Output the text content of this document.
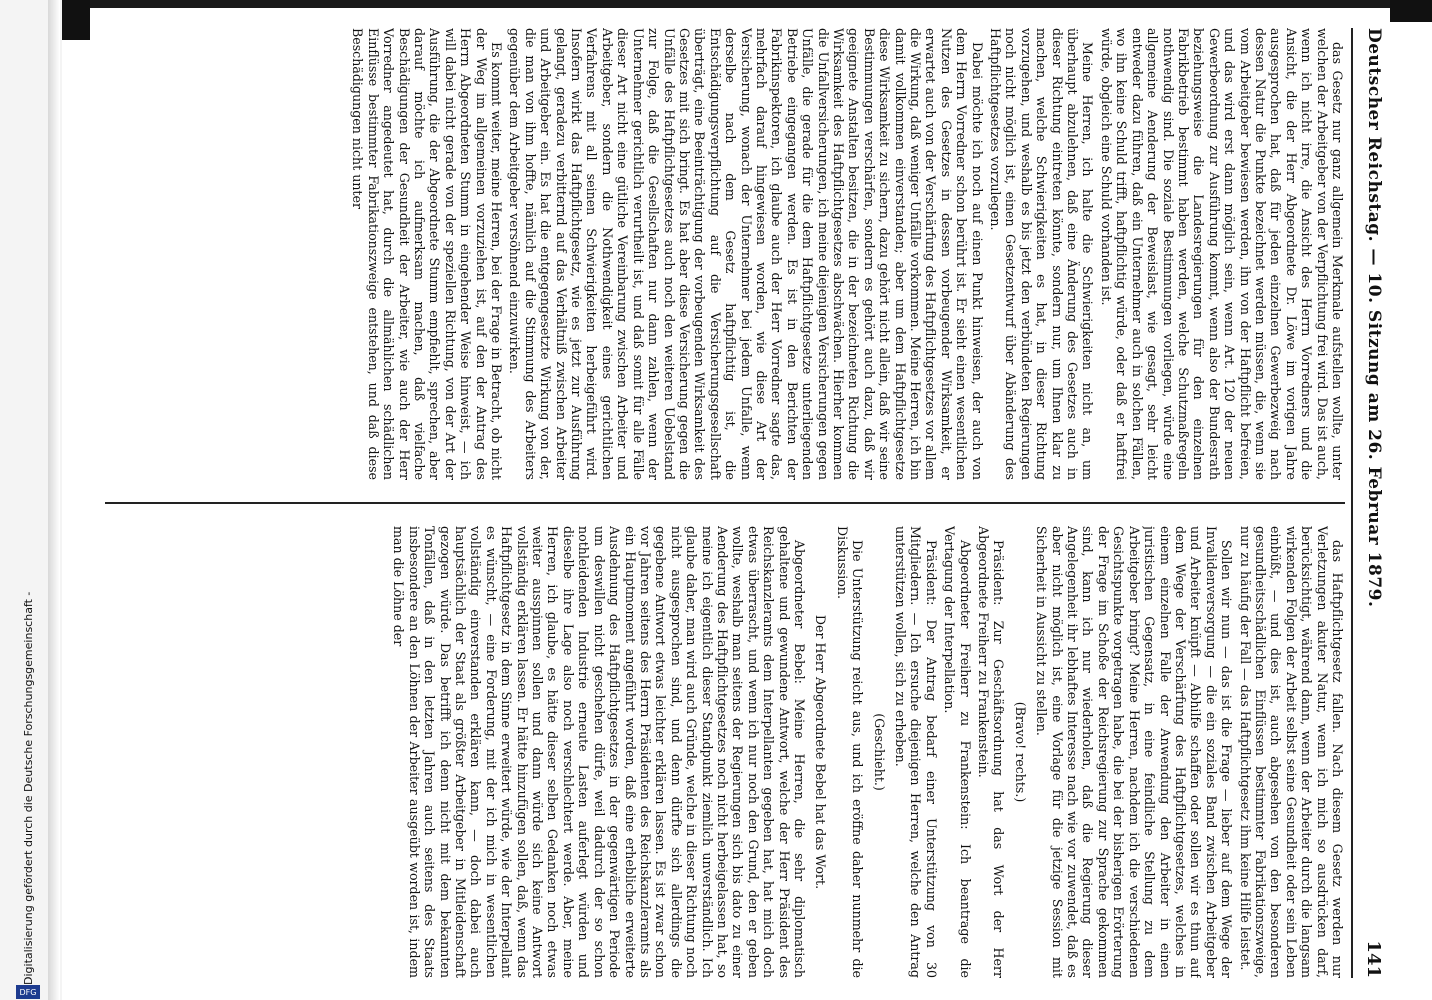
Digitalisierung gefördert durch die Deutsche Forschungsgemeinschaft -
DFG
Deutscher Reichstag. — 10. Sitzung am 26. Februar 1879.
141

das Gesetz nur ganz allgemein Merkmale aufstellen wollte, unter welchen der Arbeitgeber von der Verpflichtung frei wird. Das ist auch, wenn ich nicht irre, die Ansicht des Herrn Vorredners und die Ansicht, die der Herr Abgeordnete Dr. Löwe im vorigen Jahre ausgesprochen hat, daß für jeden einzelnen Gewerbezweig nach dessen Natur die Punkte bezeichnet werden müssen, die, wenn sie vom Arbeitgeber bewiesen werden, ihn von der Haftpflicht befreien, und das wird erst dann möglich sein, wenn Art. 120 der neuen Gewerbeordnung zur Ausführung kommt, wenn also der Bundesrath beziehungsweise die Landesregierungen für den einzelnen Fabrikbetrieb bestimmt haben werden, welche Schutzmaßregeln nothwendig sind. Die soziale Bestimmungen vorliegen, würde eine allgemeine Aenderung der Beweislast, wie gesagt, sehr leicht entweder dazu führen, daß ein Unternehmer auch in solchen Fällen, wo ihn keine Schuld trifft, haftpflichtig würde, oder daß er haftfrei würde, obgleich eine Schuld vorhanden ist.

Meine Herren, ich halte die Schwierigkeiten nicht an, um überhaupt abzulehnen, daß eine Änderung des Gesetzes auch in dieser Richtung eintreten könnte, sondern nur, um Ihnen klar zu machen, welche Schwierigkeiten es hat, in dieser Richtung vorzugehen, und weshalb es bis jetzt den verbündeten Regierungen noch nicht möglich ist, einen Gesetzentwurf über Abänderung des Haftpflichtgesetzes vorzulegen.

Dabei möchte ich noch auf einen Punkt hinweisen, der auch von dem Herrn Vorredner schon berührt ist. Er sieht einen wesentlichen Nutzen des Gesetzes in dessen vorbeugender Wirksamkeit, er erwartet auch von der Verschärfung des Haftpflichtgesetzes vor allem die Wirkung, daß weniger Unfälle vorkommen. Meine Herren, ich bin damit vollkommen einverstanden; aber um dem Haftpflichtgesetze diese Wirksamkeit zu sichern, dazu gehört nicht allein, daß wir seine Bestimmungen verschärfen, sondern es gehört auch dazu, daß wir geeignete Anstalten besitzen, die in der bezeichneten Richtung die Wirksamkeit des Haftpflichtgesetzes abschwächen. Hierher kommen die Unfallversicherungen, ich meine diejenigen Versicherungen gegen Unfälle, die gerade für die dem Haftpflichtgesetze unterliegenden Betriebe eingegangen werden. Es ist in den Berichten der Fabrikinspektoren, ich glaube auch der Herr Vorredner sagte das, mehrfach darauf hingewiesen worden, wie diese Art der Versicherung, wonach der Unternehmer bei jedem Unfalle, wenn derselbe nach dem Gesetz haftpflichtig ist, die Entschädigungsverpflichtung auf die Versicherungsgesellschaft überträgt, eine Beeinträchtigung der vorbeugenden Wirksamkeit des Gesetzes mit sich bringt. Es hat aber diese Versicherung gegen die Unfälle des Haftpflichtgesetzes auch noch den weiteren Uebelstand zur Folge, daß die Gesellschaften nur dann zahlen, wenn der Unternehmer gerichtlich verurtheilt ist, und daß somit für alle Fälle dieser Art nicht eine gütliche Vereinbarung zwischen Arbeiter und Arbeitgeber, sondern die Nothwendigkeit eines gerichtlichen Verfahrens mit all seinen Schwierigkeiten herbeigeführt wird. Insofern wirkt das Haftpflichtgesetz, wie es jetzt zur Ausführung gelangt, geradezu verbitternd auf das Verhältniß zwischen Arbeiter und Arbeitgeber ein. Es hat die entgegengesetzte Wirkung von der, die man von ihm hoffte, nämlich auf die Stimmung des Arbeiters gegenüber dem Arbeitgeber versöhnend einzuwirken.

Es kommt weiter, meine Herren, bei der Frage in Betracht, ob nicht der Weg im allgemeinen vorzuziehen ist, auf den der Antrag des Herrn Abgeordneten Stumm in eingehender Weise hinweist, — ich will dabei nicht gerade von der speziellen Richtung, von der Art der Ausführung, die der Abgeordnete Stumm empfiehlt, sprechen, aber darauf möchte ich aufmerksam machen, daß vielfache Beschädigungen der Gesundheit der Arbeiter, wie auch der Herr Vorredner angedeutet hat, durch die allmählichen schädlichen Einflüsse bestimmter Fabrikationszweige entstehen, und daß diese Beschädigungen nicht unter

das Haftpflichtgesetz fallen. Nach diesem Gesetz werden nur Verletzungen akuter Natur, wenn ich mich so ausdrücken darf, berücksichtigt, während dann, wenn der Arbeiter durch die langsam wirkenden Folgen der Arbeit selbst seine Gesundheit oder sein Leben einbüßt, — und dies ist, auch abgesehen von den besonderen gesundheitsschädlichen Einflüssen bestimmter Fabrikationszweige, nur zu häufig der Fall — das Haftpflichtgesetz ihm keine Hilfe leistet.

Sollen wir nun — das ist die Frage — lieber auf dem Wege der Invalidenversorgung — die ein soziales Band zwischen Arbeitgeber und Arbeiter knüpft — Abhilfe schaffen oder sollen wir es thun auf dem Wege der Verschärfung des Haftpflichtgesetzes, welches in einem einzelnen Falle der Anwendung den Arbeiter in einen juristischen Gegensatz, in eine feindliche Stellung zu dem Arbeitgeber bringt? Meine Herren, nachdem ich die verschiedenen Gesichtspunkte vorgetragen habe, die bei der bisherigen Erörterung der Frage im Schoße der Reichsregierung zur Sprache gekommen sind, kann ich nur wiederholen, daß die Regierung dieser Angelegenheit ihr lebhaftes Interesse nach wie vor zuwendet, daß es aber nicht möglich ist, eine Vorlage für die jetzige Session mit Sicherheit in Aussicht zu stellen.

(Bravo! rechts.)

Präsident: Zur Geschäftsordnung hat das Wort der Herr Abgeordnete Freiherr zu Frankenstein.

Abgeordneter Freiherr zu Frankenstein: Ich beantrage die Vertagung der Interpellation.

Präsident: Der Antrag bedarf einer Unterstützung von 30 Mitgliedern. — Ich ersuche diejenigen Herren, welche den Antrag unterstützen wollen, sich zu erheben.

(Geschieht.)

Die Unterstützung reicht aus, und ich eröffne daher nunmehr die Diskussion.

Der Herr Abgeordnete Bebel hat das Wort.

Abgeordneter Bebel: Meine Herren, die sehr diplomatisch gehaltene und gewundene Antwort, welche der Herr Präsident des Reichskanzleramts dem Interpellanten gegeben hat, hat mich doch etwas überrascht, und wenn ich nur noch den Grund, den er geben wollte, weshalb man seitens der Regierungen sich bis dato zu einer Aenderung des Haftpflichtgesetzes noch nicht herbeigelassen hat, so meine ich eigentlich dieser Standpunkt ziemlich unverständlich. Ich glaube daher, man wird auch Gründe, welche in dieser Richtung noch nicht ausgesprochen sind, und denn dürfte sich allerdings die gegebene Antwort etwas leichter erklären lassen. Es ist zwar schon vor Jahren seitens des Herrn Präsidenten des Reichskanzleramts als ein Hauptmoment angeführt worden, daß eine erhebliche erweiterte Ausdehnung des Haftpflichtgesetzes in der gegenwärtigen Periode um deswillen nicht geschehen dürfe, weil dadurch der so schon nothleidenden Industrie erneute Lasten auferlegt würden und dieselbe ihre Lage also noch verschlechtert werde. Aber, meine Herren, ich glaube, es hätte dieser selben Gedanken noch etwas weiter ausspinnen sollen und dann würde sich keine Antwort vollständig erklären lassen. Er hätte hinzufügen sollen, daß, wenn das Haftpflichtgesetz in dem Sinne erweitert würde, wie der Interpellant es wünscht, — eine Forderung, mit der ich mich in wesentlichen vollständig einverstanden erklären kann, — doch dabei auch hauptsächlich der Staat als größter Arbeitgeber in Mitleidenschaft gezogen würde. Das betrifft ich denn nicht mit dem bekannten Tonfällen, daß in den letzten Jahren auch seitens des Staats insbesondere an den Löhnen der Arbeiter ausgeübt worden ist, indem man die Löhne der
